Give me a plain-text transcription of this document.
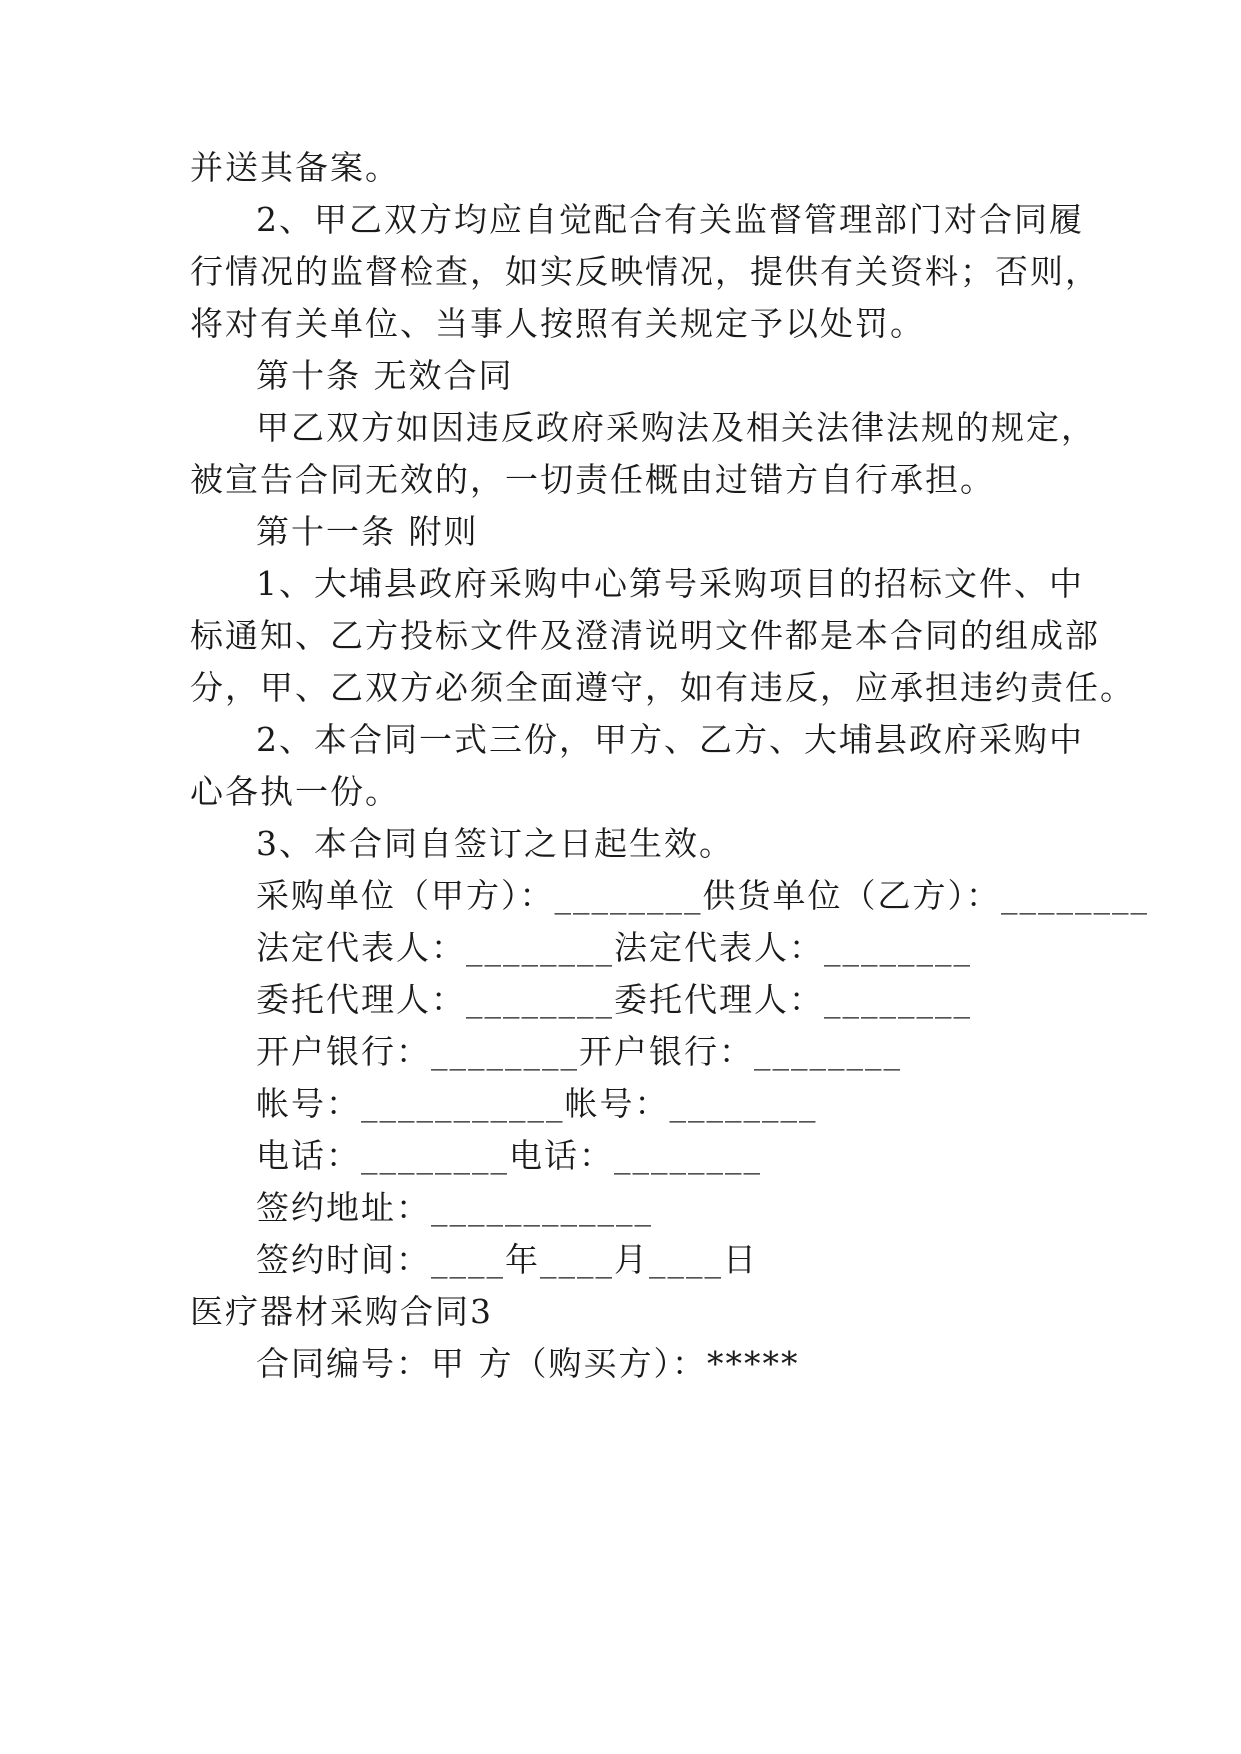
并送其备案。
2、甲乙双方均应自觉配合有关监督管理部门对合同履
行情况的监督检查，如实反映情况，提供有关资料；否则，
将对有关单位、当事人按照有关规定予以处罚。
第十条 无效合同
甲乙双方如因违反政府采购法及相关法律法规的规定，
被宣告合同无效的，一切责任概由过错方自行承担。
第十一条 附则
1、大埔县政府采购中心第号采购项目的招标文件、中
标通知、乙方投标文件及澄清说明文件都是本合同的组成部
分，甲、乙双方必须全面遵守，如有违反，应承担违约责任。
2、本合同一式三份，甲方、乙方、大埔县政府采购中
心各执一份。
3、本合同自签订之日起生效。
采购单位（甲方）：________供货单位（乙方）：________
法定代表人：________法定代表人：________
委托代理人：________委托代理人：________
开户银行：________开户银行：________
帐号：___________帐号：________
电话：________电话：________
签约地址：____________
签约时间：____年____月____日
医疗器材采购合同3
合同编号：甲 方（购买方）：*****
